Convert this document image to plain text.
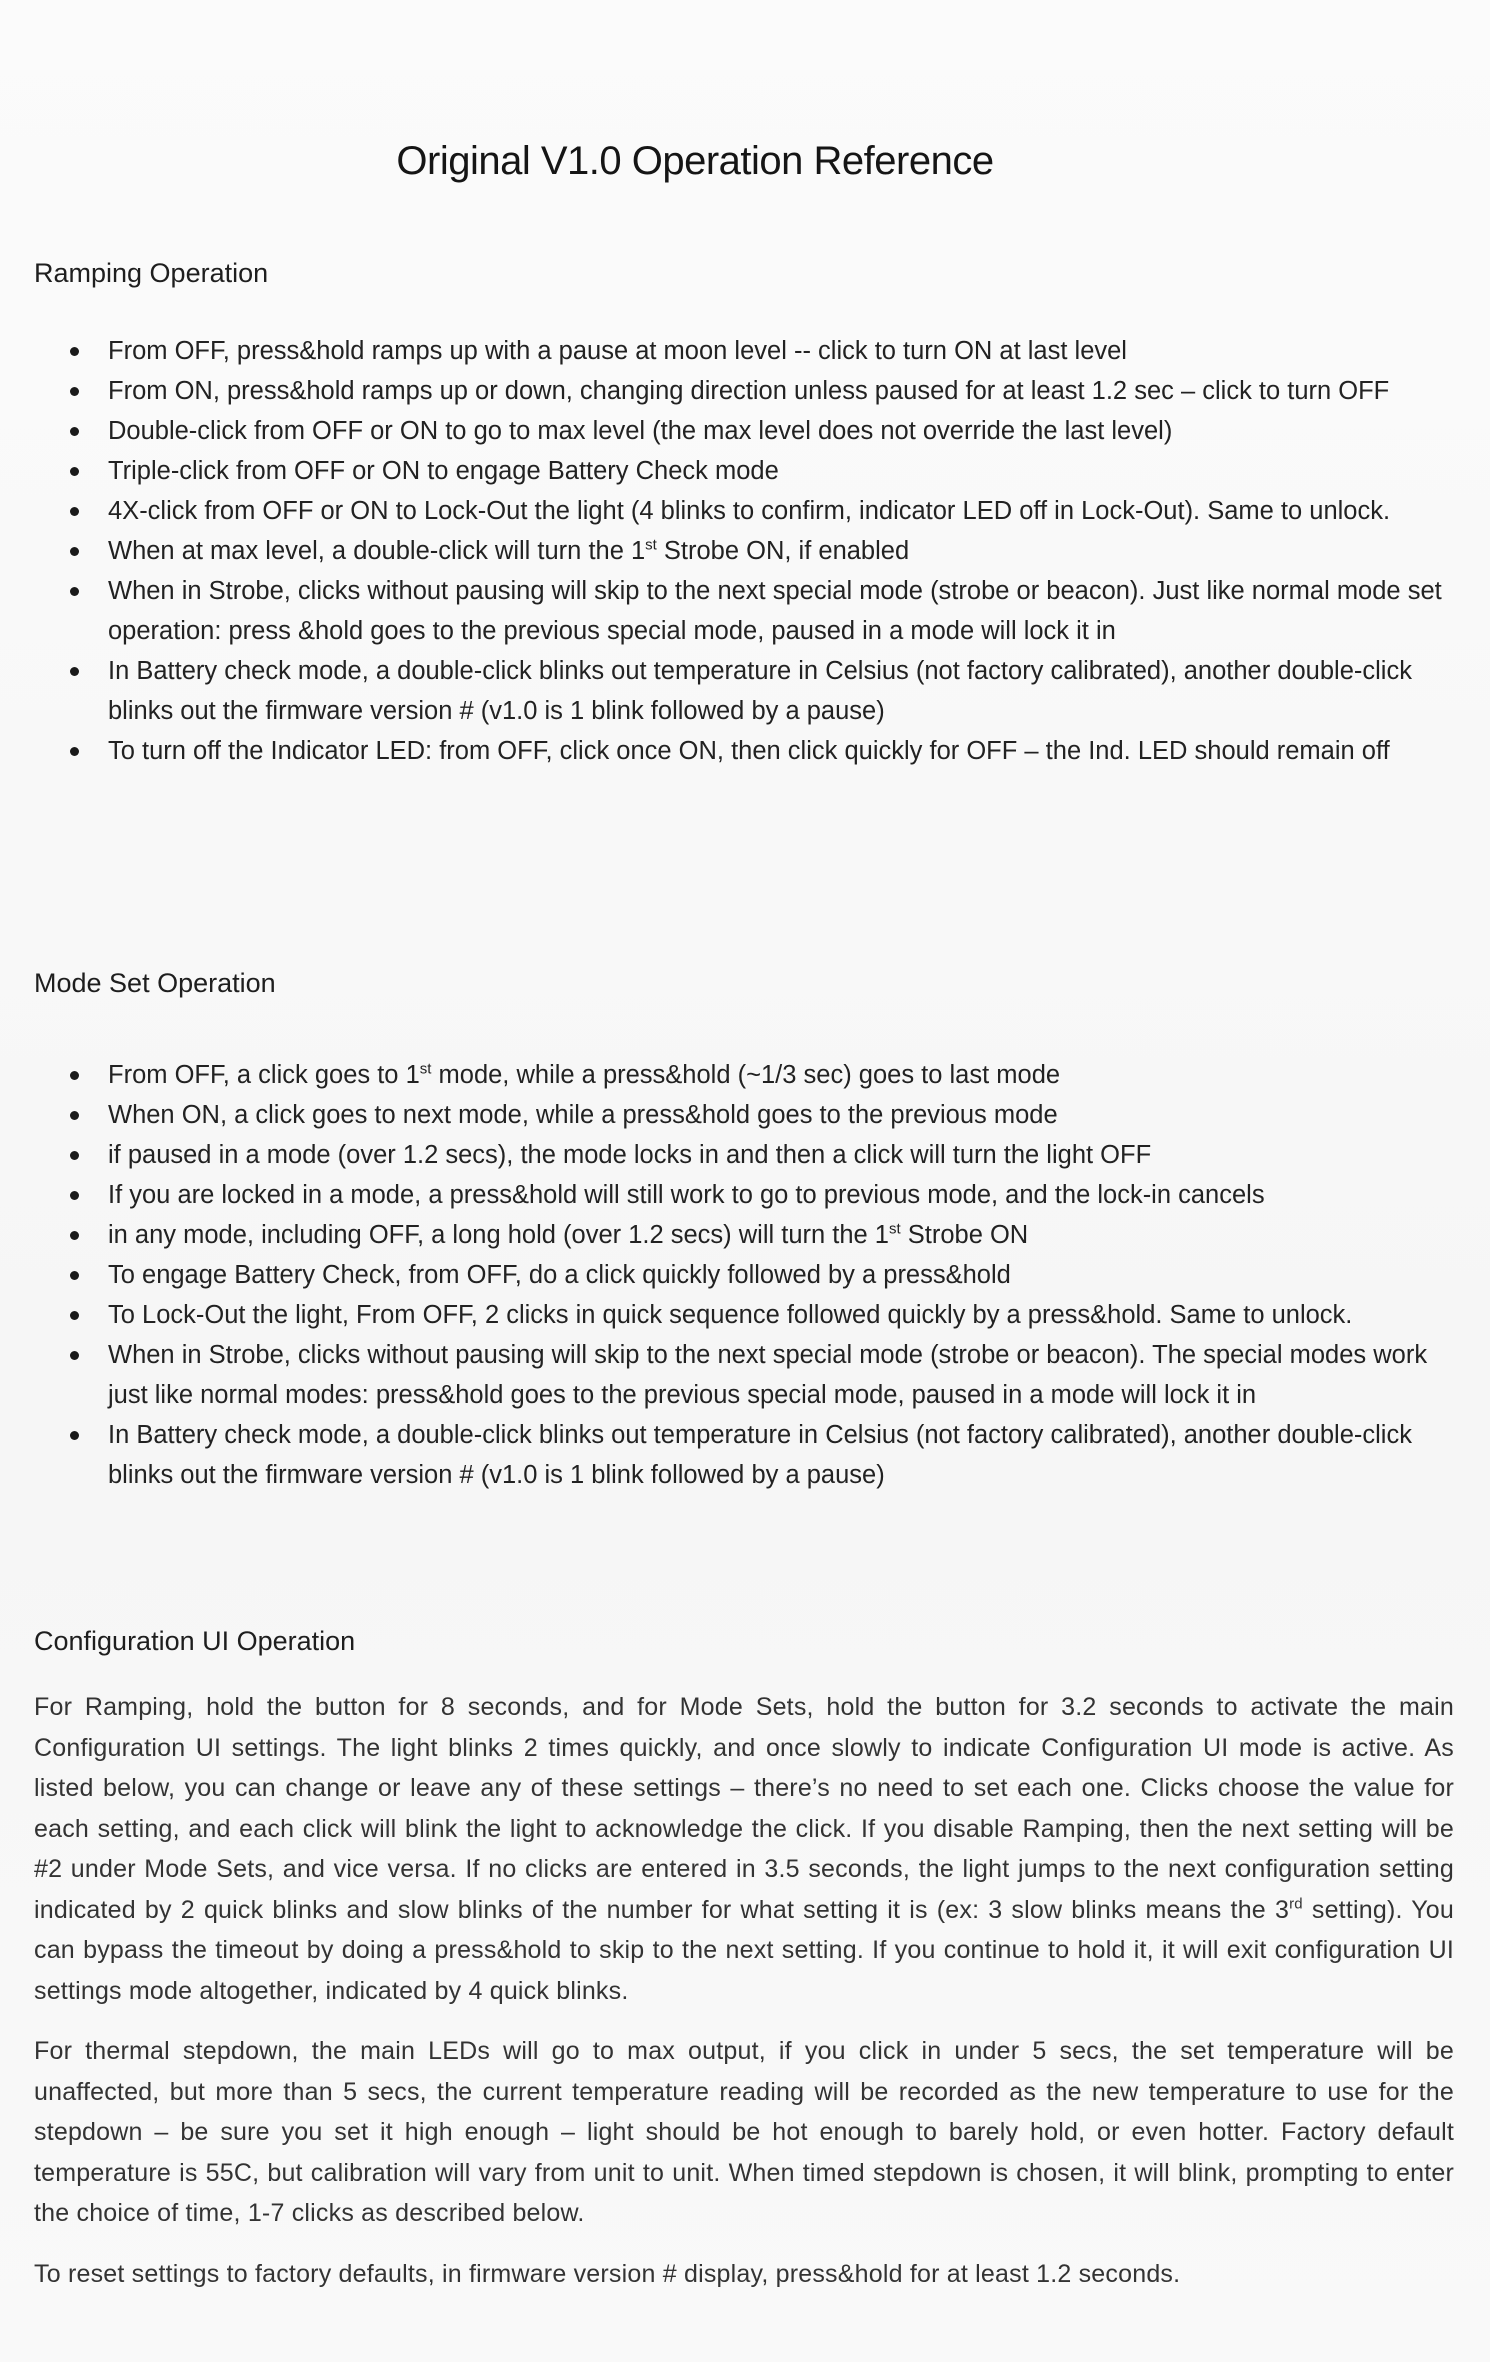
Original V1.0 Operation Reference
Ramping Operation
From OFF, press&hold ramps up with a pause at moon level -- click to turn ON at last level
From ON, press&hold ramps up or down, changing direction unless paused for at least 1.2 sec – click to turn OFF
Double-click from OFF or ON to go to max level (the max level does not override the last level)
Triple-click from OFF or ON to engage Battery Check mode
4X-click from OFF or ON to Lock-Out the light (4 blinks to confirm, indicator LED off in Lock-Out). Same to unlock.
When at max level, a double-click will turn the 1st Strobe ON, if enabled
When in Strobe, clicks without pausing will skip to the next special mode (strobe or beacon). Just like normal mode set operation: press &hold goes to the previous special mode, paused in a mode will lock it in
In Battery check mode, a double-click blinks out temperature in Celsius (not factory calibrated), another double-click blinks out the firmware version # (v1.0 is 1 blink followed by a pause)
To turn off the Indicator LED: from OFF, click once ON, then click quickly for OFF – the Ind. LED should remain off
Mode Set Operation
From OFF, a click goes to 1st mode, while a press&hold (~1/3 sec) goes to last mode
When ON, a click goes to next mode, while a press&hold goes to the previous mode
if paused in a mode (over 1.2 secs), the mode locks in and then a click will turn the light OFF
If you are locked in a mode, a press&hold will still work to go to previous mode, and the lock-in cancels
in any mode, including OFF, a long hold (over 1.2 secs) will turn the 1st Strobe ON
To engage Battery Check, from OFF, do a click quickly followed by a press&hold
To Lock-Out the light, From OFF, 2 clicks in quick sequence followed quickly by a press&hold. Same to unlock.
When in Strobe, clicks without pausing will skip to the next special mode (strobe or beacon). The special modes work just like normal modes: press&hold goes to the previous special mode, paused in a mode will lock it in
In Battery check mode, a double-click blinks out temperature in Celsius (not factory calibrated), another double-click blinks out the firmware version # (v1.0 is 1 blink followed by a pause)
Configuration UI Operation

For Ramping, hold the button for 8 seconds, and for Mode Sets, hold the button for 3.2 seconds to activate the main Configuration UI settings. The light blinks 2 times quickly, and once slowly to indicate Configuration UI mode is active. As listed below, you can change or leave any of these settings – there’s no need to set each one. Clicks choose the value for each setting, and each click will blink the light to acknowledge the click. If you disable Ramping, then the next setting will be #2 under Mode Sets, and vice versa. If no clicks are entered in 3.5 seconds, the light jumps to the next configuration setting indicated by 2 quick blinks and slow blinks of the number for what setting it is (ex: 3 slow blinks means the 3rd setting). You can bypass the timeout by doing a press&hold to skip to the next setting. If you continue to hold it, it will exit configuration UI settings mode altogether, indicated by 4 quick blinks.

For thermal stepdown, the main LEDs will go to max output, if you click in under 5 secs, the set temperature will be unaffected, but more than 5 secs, the current temperature reading will be recorded as the new temperature to use for the stepdown – be sure you set it high enough – light should be hot enough to barely hold, or even hotter. Factory default temperature is 55C, but calibration will vary from unit to unit. When timed stepdown is chosen, it will blink, prompting to enter the choice of time, 1-7 clicks as described below.

To reset settings to factory defaults, in firmware version # display, press&hold for at least 1.2 seconds.
